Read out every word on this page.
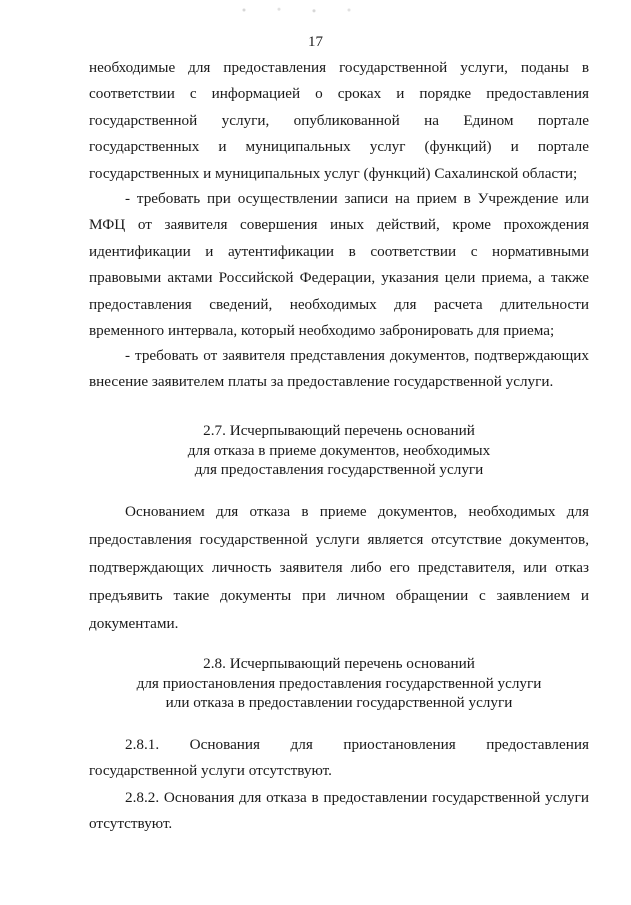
17
необходимые для предоставления государственной услуги, поданы в
соответствии с информацией о сроках и порядке предоставления
государственной услуги, опубликованной на Едином портале
государственных и муниципальных услуг (функций) и портале
государственных и муниципальных услуг (функций) Сахалинской области;
- требовать при осуществлении записи на прием в Учреждение или
МФЦ от заявителя совершения иных действий, кроме прохождения
идентификации и аутентификации в соответствии с нормативными
правовыми актами Российской Федерации, указания цели приема, а также
предоставления сведений, необходимых для расчета длительности
временного интервала, который необходимо забронировать для приема;
- требовать от заявителя представления документов, подтверждающих
внесение заявителем платы за предоставление государственной услуги.
2.7. Исчерпывающий перечень оснований
для отказа в приеме документов, необходимых
для предоставления государственной услуги
Основанием для отказа в приеме документов, необходимых для
предоставления государственной услуги является отсутствие документов,
подтверждающих личность заявителя либо его представителя, или отказ
предъявить такие документы при личном обращении с заявлением и
документами.
2.8. Исчерпывающий перечень оснований
для приостановления предоставления государственной услуги
или отказа в предоставлении государственной услуги
2.8.1. Основания для приостановления предоставления
государственной услуги отсутствуют.
2.8.2. Основания для отказа в предоставлении государственной услуги
отсутствуют.
